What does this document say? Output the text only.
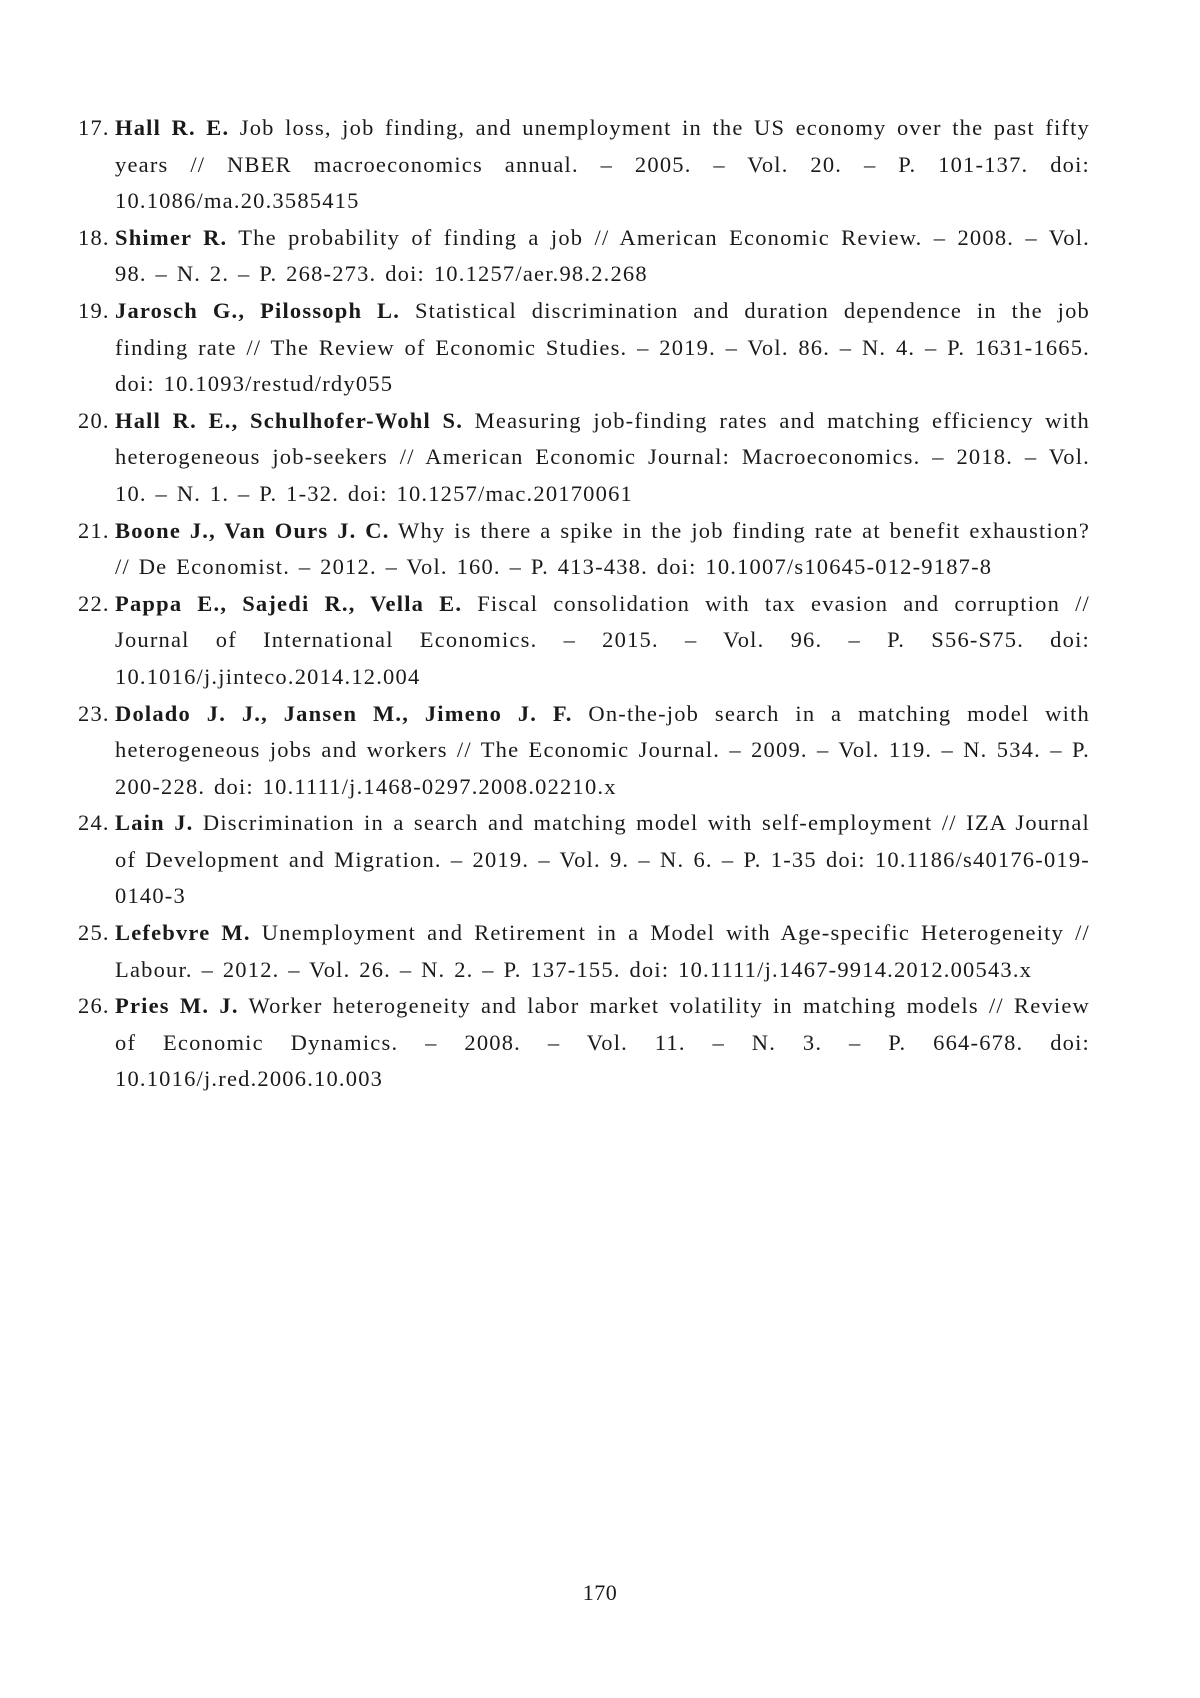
17. Hall R. E. Job loss, job finding, and unemployment in the US economy over the past fifty years // NBER macroeconomics annual. – 2005. – Vol. 20. – P. 101-137. doi: 10.1086/ma.20.3585415
18. Shimer R. The probability of finding a job // American Economic Review. – 2008. – Vol. 98. – N. 2. – P. 268-273. doi: 10.1257/aer.98.2.268
19. Jarosch G., Pilossoph L. Statistical discrimination and duration dependence in the job finding rate // The Review of Economic Studies. – 2019. – Vol. 86. – N. 4. – P. 1631-1665. doi: 10.1093/restud/rdy055
20. Hall R. E., Schulhofer-Wohl S. Measuring job-finding rates and matching efficiency with heterogeneous job-seekers // American Economic Journal: Macroeconomics. – 2018. – Vol. 10. – N. 1. – P. 1-32. doi: 10.1257/mac.20170061
21. Boone J., Van Ours J. C. Why is there a spike in the job finding rate at benefit exhaustion? // De Economist. – 2012. – Vol. 160. – P. 413-438. doi: 10.1007/s10645-012-9187-8
22. Pappa E., Sajedi R., Vella E. Fiscal consolidation with tax evasion and corruption // Journal of International Economics. – 2015. – Vol. 96. – P. S56-S75. doi: 10.1016/j.jinteco.2014.12.004
23. Dolado J. J., Jansen M., Jimeno J. F. On-the-job search in a matching model with heterogeneous jobs and workers // The Economic Journal. – 2009. – Vol. 119. – N. 534. – P. 200-228. doi: 10.1111/j.1468-0297.2008.02210.x
24. Lain J. Discrimination in a search and matching model with self-employment // IZA Journal of Development and Migration. – 2019. – Vol. 9. – N. 6. – P. 1-35 doi: 10.1186/s40176-019-0140-3
25. Lefebvre M. Unemployment and Retirement in a Model with Age-specific Heterogeneity // Labour. – 2012. – Vol. 26. – N. 2. – P. 137-155. doi: 10.1111/j.1467-9914.2012.00543.x
26. Pries M. J. Worker heterogeneity and labor market volatility in matching models // Review of Economic Dynamics. – 2008. – Vol. 11. – N. 3. – P. 664-678. doi: 10.1016/j.red.2006.10.003
170
